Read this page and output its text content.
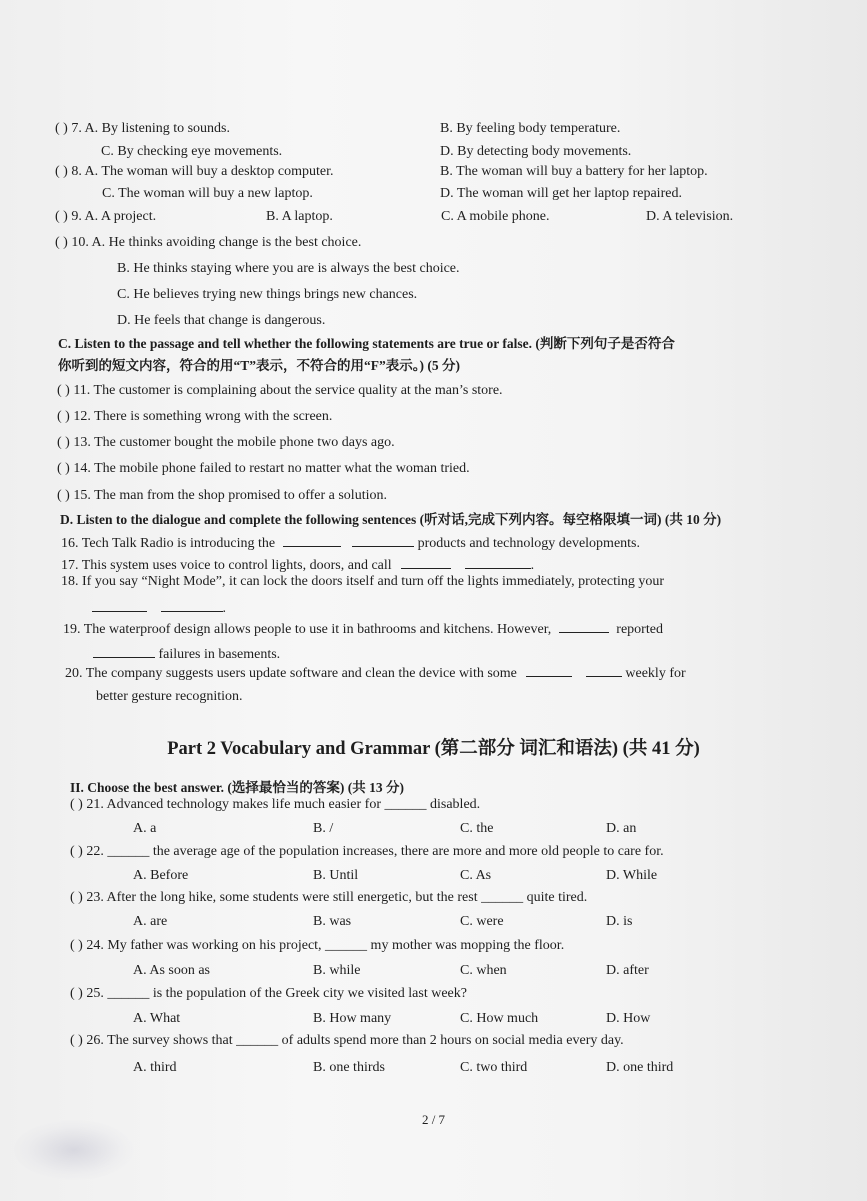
( ) 7. A. By listening to sounds.	B. By feeling body temperature.
C. By checking eye movements.	D. By detecting body movements.
( ) 8. A. The woman will buy a desktop computer.	B. The woman will buy a battery for her laptop.
C. The woman will buy a new laptop.	D. The woman will get her laptop repaired.
( ) 9. A. A project.	B. A laptop.	C. A mobile phone.	D. A television.
( ) 10. A. He thinks avoiding change is the best choice.
B. He thinks staying where you are is always the best choice.
C. He believes trying new things brings new chances.
D. He feels that change is dangerous.
C. Listen to the passage and tell whether the following statements are true or false. (判断下列句子是否符合
你听到的短文内容，符合的用“T”表示，不符合的用“F”表示。) (5 分)
( ) 11. The customer is complaining about the service quality at the man’s store.
( ) 12. There is something wrong with the screen.
( ) 13. The customer bought the mobile phone two days ago.
( ) 14. The mobile phone failed to restart no matter what the woman tried.
( ) 15. The man from the shop promised to offer a solution.
D. Listen to the dialogue and complete the following sentences (听对话,完成下列内容。每空格限填一词) (共 10 分)
16. Tech Talk Radio is introducing the	products and technology developments.
17. This system uses voice to control lights, doors, and call	.
18. If you say “Night Mode”, it can lock the doors itself and turn off the lights immediately, protecting your
.
19. The waterproof design allows people to use it in bathrooms and kitchens. However,	reported
failures in basements.
20. The company suggests users update software and clean the device with some	weekly for
better gesture recognition.
Part 2 Vocabulary and Grammar (第二部分 词汇和语法) (共 41 分)
II. Choose the best answer. (选择最恰当的答案) (共 13 分)
( ) 21. Advanced technology makes life much easier for ______ disabled.
A. a	B. /	C. the	D. an
( ) 22. ______ the average age of the population increases, there are more and more old people to care for.
A. Before	B. Until	C. As	D. While
( ) 23. After the long hike, some students were still energetic, but the rest ______ quite tired.
A. are	B. was	C. were	D. is
( ) 24. My father was working on his project, ______ my mother was mopping the floor.
A. As soon as	B. while	C. when	D. after
( ) 25. ______ is the population of the Greek city we visited last week?
A. What	B. How many	C. How much	D. How
( ) 26. The survey shows that ______ of adults spend more than 2 hours on social media every day.
A. third	B. one thirds	C. two third	D. one third
2 / 7
